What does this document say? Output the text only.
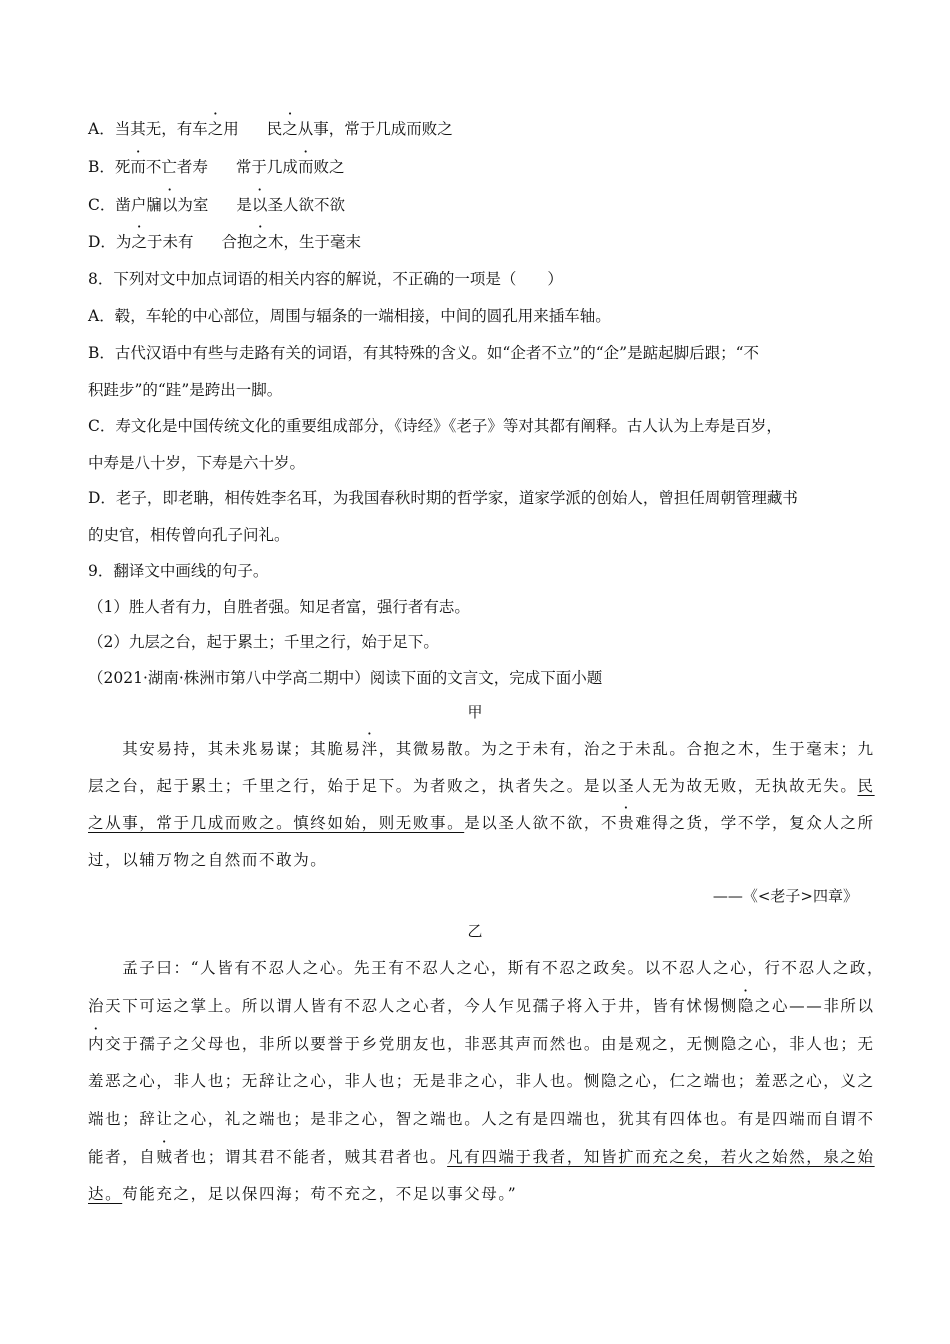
A．当其无，有车之用 民之从事，常于几成而败之
B．死而不亡者寿 常于几成而败之
C．凿户牖以为室 是以圣人欲不欲
D．为之于未有 合抱之木，生于毫末
8．下列对文中加点词语的相关内容的解说，不正确的一项是（　　）
A．毂，车轮的中心部位，周围与辐条的一端相接，中间的圆孔用来插车轴。
B．古代汉语中有些与走路有关的词语，有其特殊的含义。如“企者不立”的“企”是踮起脚后跟；“不
积跬步”的“跬”是跨出一脚。
C．寿文化是中国传统文化的重要组成部分，《诗经》《老子》等对其都有阐释。古人认为上寿是百岁，
中寿是八十岁，下寿是六十岁。
D．老子，即老聃，相传姓李名耳，为我国春秋时期的哲学家，道家学派的创始人，曾担任周朝管理藏书
的史官，相传曾向孔子问礼。
9．翻译文中画线的句子。
（1）胜人者有力，自胜者强。知足者富，强行者有志。
（2）九层之台，起于累土；千里之行，始于足下。
（2021·湖南·株洲市第八中学高二期中）阅读下面的文言文，完成下面小题
甲
　　其安易持，其未兆易谋；其脆易泮，其微易散。为之于未有，治之于未乱。合抱之木，生于毫末；九
层之台，起于累土；千里之行，始于足下。为者败之，执者失之。是以圣人无为故无败，无执故无失。民
之从事，常于几成而败之。慎终如始，则无败事。是以圣人欲不欲，不贵难得之货，学不学，复众人之所
过，以辅万物之自然而不敢为。
——《<老子>四章》
乙
　　孟子曰：“人皆有不忍人之心。先王有不忍人之心，斯有不忍之政矣。以不忍人之心，行不忍人之政，
治天下可运之掌上。所以谓人皆有不忍人之心者，今人乍见孺子将入于井，皆有怵惕恻隐之心——非所以
内交于孺子之父母也，非所以要誉于乡党朋友也，非恶其声而然也。由是观之，无恻隐之心，非人也；无
羞恶之心，非人也；无辞让之心，非人也；无是非之心，非人也。恻隐之心，仁之端也；羞恶之心，义之
端也；辞让之心，礼之端也；是非之心，智之端也。人之有是四端也，犹其有四体也。有是四端而自谓不
能者，自贼者也；谓其君不能者，贼其君者也。凡有四端于我者，知皆扩而充之矣，若火之始然，泉之始
达。苟能充之，足以保四海；苟不充之，不足以事父母。”
